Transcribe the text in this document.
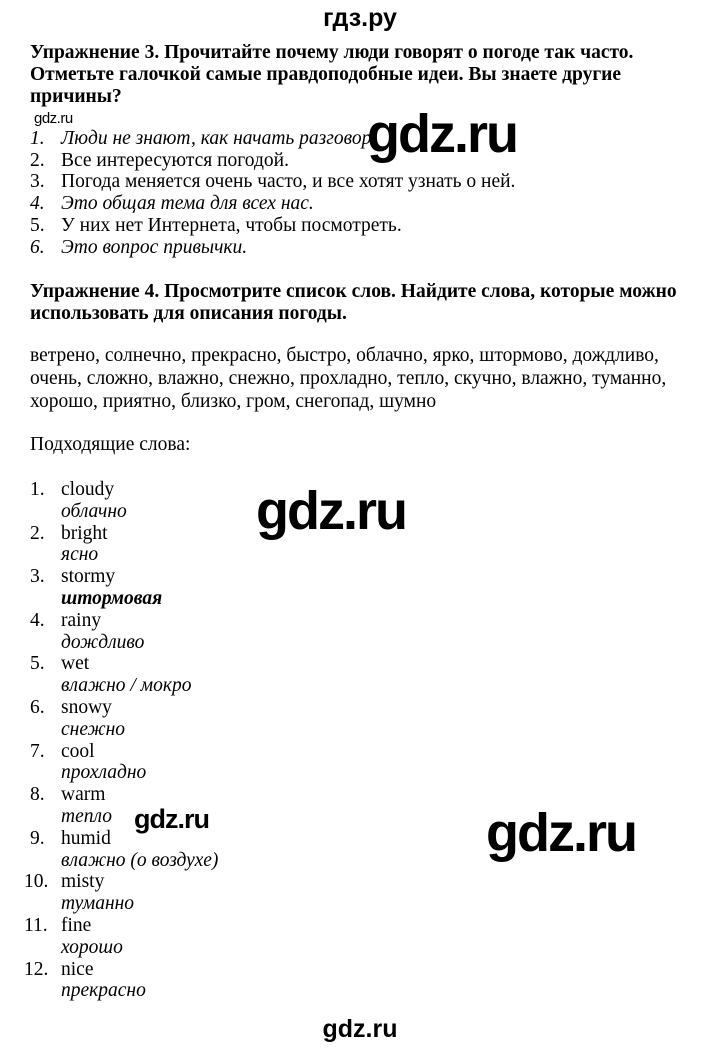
гдз.ру
Упражнение 3. Прочитайте почему люди говорят о погоде так часто.
Отметьте галочкой самые правдоподобные идеи. Вы знаете другие
причины?
gdz.ru	gdz.ru
1. Люди не знают, как начать разговор.
2. Все интересуются погодой.
3. Погода меняется очень часто, и все хотят узнать о ней.
4. Это общая тема для всех нас.
5. У них нет Интернета, чтобы посмотреть.
6. Это вопрос привычки.
Упражнение 4. Просмотрите список слов. Найдите слова, которые можно
использовать для описания погоды.
ветрено, солнечно, прекрасно, быстро, облачно, ярко, штормово, дождливо,
очень, сложно, влажно, снежно, прохладно, тепло, скучно, влажно, туманно,
хорошо, приятно, близко, гром, снегопад, шумно
Подходящие слова:
gdz.ru
1. cloudy
облачно
2. bright
ясно
3. stormy
штормовая
4. rainy
дождливо
5. wet
влажно / мокро
6. snowy
снежно
7. cool
прохладно
8. warm
тепло
9. humid
влажно (о воздухе)
10. misty
туманно
11. fine
хорошо
12. nice
прекрасно
gdz.ru	gdz.ru
gdz.ru
